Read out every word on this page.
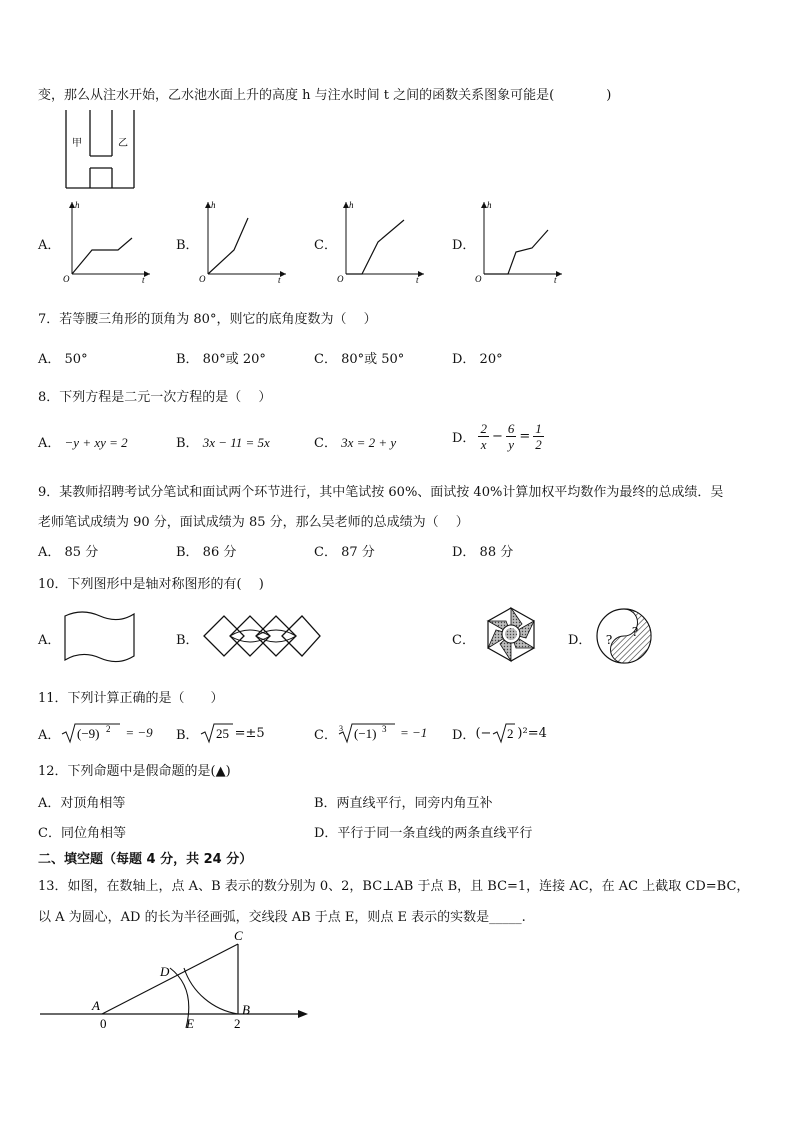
变，那么从注水开始，乙水池水面上升的高度 h 与注水时间 t 之间的函数关系图象可能是(　　　　)
甲	乙
A．
h
t
O
B．
h
t
O
C．
h
t
O
D．
h
t
O
7．若等腰三角形的顶角为 80°，则它的底角度数为（　 ）
A． 50°	B． 80°或 20°	C． 80°或 50°	D． 20°
8．下列方程是二元一次方程的是（　 ）
A． −y + xy = 2	B． 3x − 11 = 5x	C． 3x = 2 + y	D． $\frac{2}{x} - \frac{6}{y} = \frac{1}{2}$
9．某教师招聘考试分笔试和面试两个环节进行，其中笔试按 60%、面试按 40%计算加权平均数作为最终的总成绩．吴
老师笔试成绩为 90 分，面试成绩为 85 分，那么吴老师的总成绩为（　 ）
A． 85 分	B． 86 分	C． 87 分	D． 88 分
10．下列图形中是轴对称图形的有(　 )
A．	B．	C．	D． ?
?
11．下列计算正确的是（　　）
A． (−9) 2 = −9 B． 25 =±5	C． 3 (−1) 3 = −1 D． (− 2 )²=4
12．下列命题中是假命题的是(▲)
A．对顶角相等	B．两直线平行，同旁内角互补
C．同位角相等	D．平行于同一条直线的两条直线平行
二、填空题（每题 4 分，共 24 分）
13．如图，在数轴上，点 A、B 表示的数分别为 0、2，BC⊥AB 于点 B，且 BC=1，连接 AC，在 AC 上截取 CD=BC，
以 A 为圆心，AD 的长为半径画弧，交线段 AB 于点 E，则点 E 表示的实数是_____.
A	B
C
D
E
0	2
